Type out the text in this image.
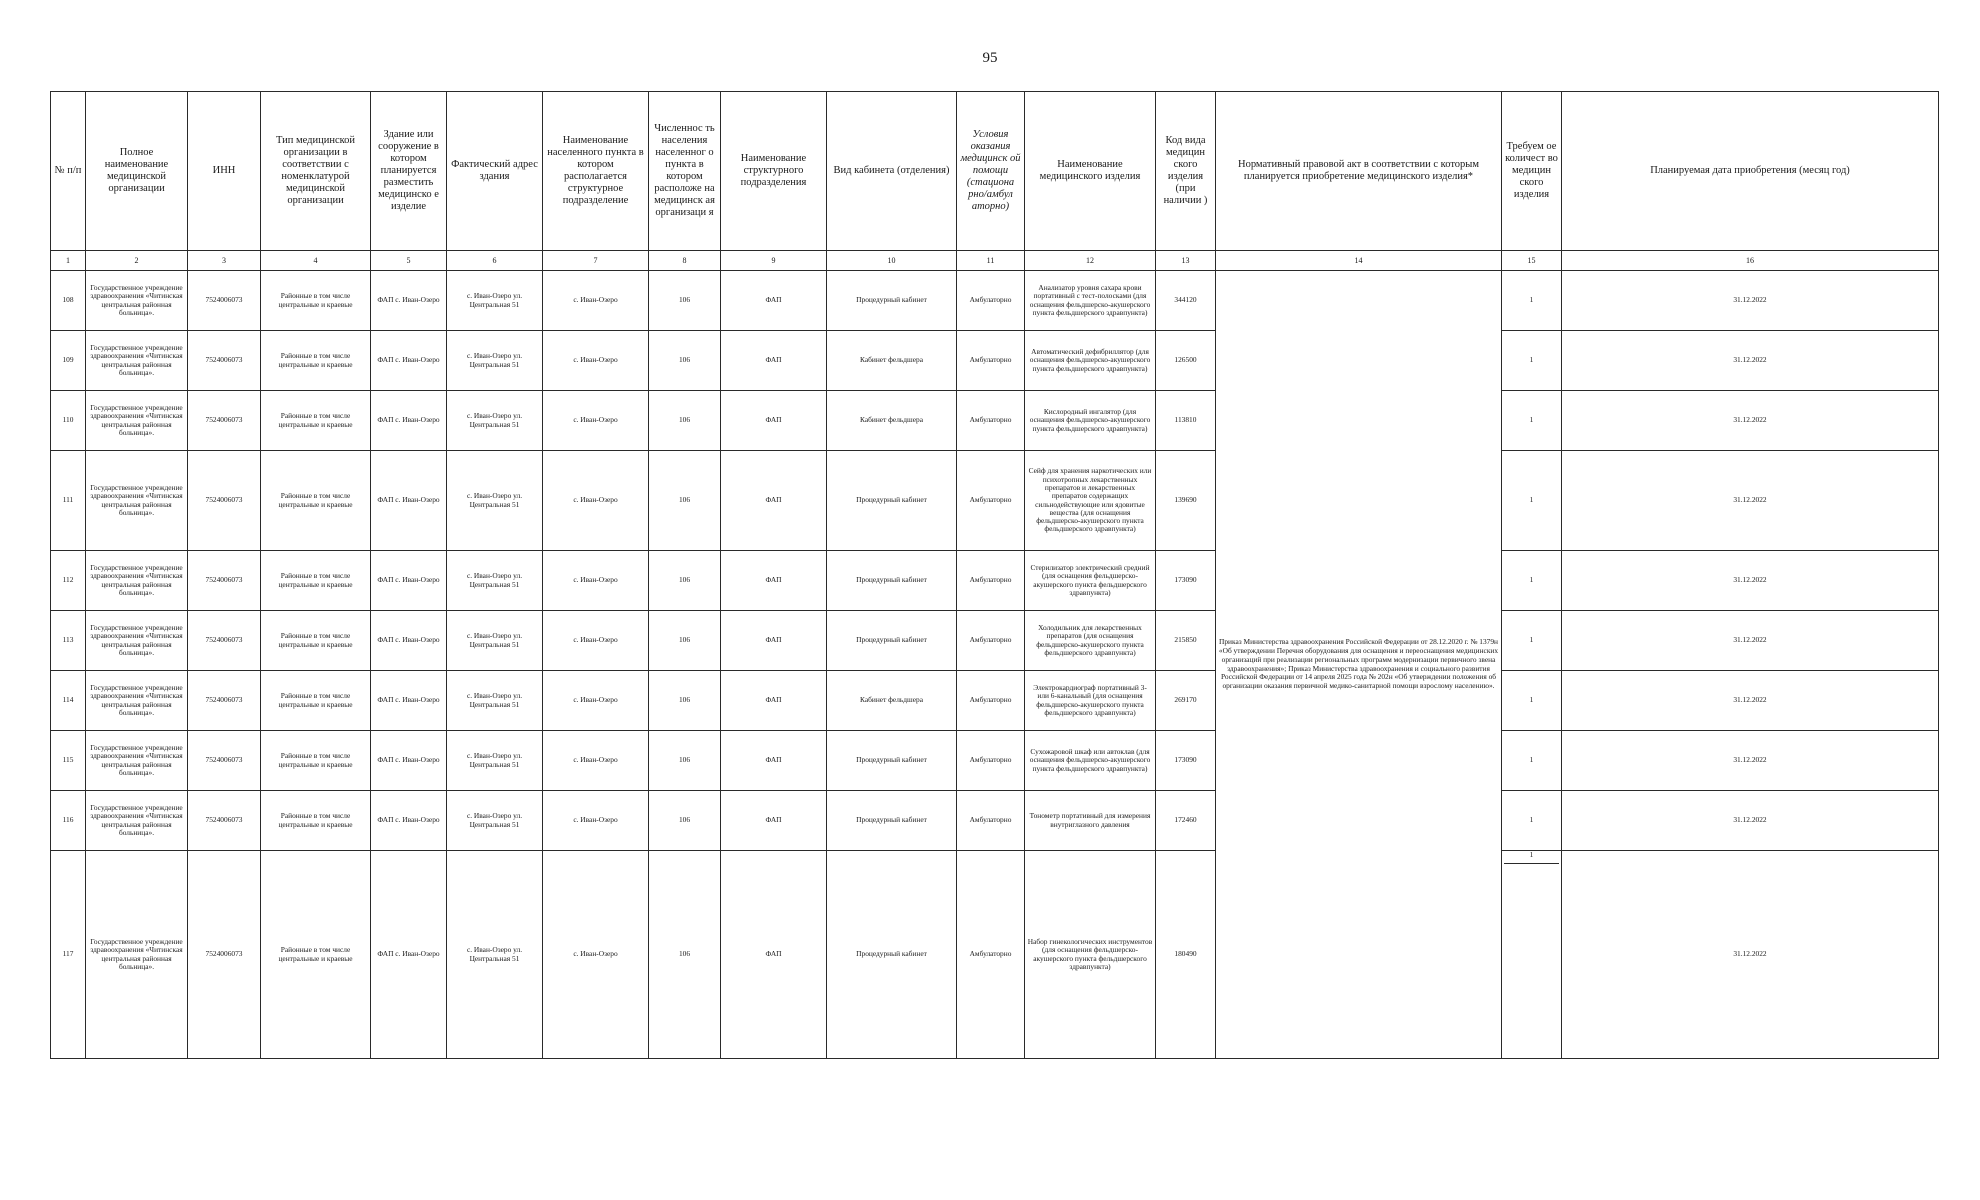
95
№ п/п	Полное наименование медицинской организации	ИНН	Тип медицинской организации в соответствии с номенклатурой медицинской организации	Здание или сооружение в котором планируется разместить медицинско е изделие	Фактический адрес здания	Наименование населенного пункта в котором располагается структурное подразделение	Численнос ть населения населенног о пункта в котором расположе на медицинск ая организаци я	Наименование структурного подразделения	Вид кабинета (отделения)	Условия оказания медицинск ой помощи (стациона рно/амбул аторно)	Наименование медицинского изделия	Код вида медицин ского изделия (при наличии )	Нормативный правовой акт в соответствии с которым планируется приобретение медицинского изделия*	Требуем ое количест во медицин ского изделия	Планируемая дата приобретения (месяц год)
1	2	3	4	5	6	7	8	9	10	11	12	13	14	15	16
108	Государственное учреждение здравоохранения «Читинская центральная районная больница».	7524006073	Районные в том числе центральные и краевые	ФАП с. Иван-Озеро	с. Иван-Озеро ул. Центральная 51	с. Иван-Озеро	106	ФАП	Процедурный кабинет	Амбулаторно	Анализатор уровня сахара крови портативный с тест-полосками (для оснащения фельдшерско-акушерского пункта фельдшерского здравпункта)	344120	Приказ Министерства здравоохранения Российской Федерации от 28.12.2020 г. № 1379н «Об утверждении Перечня оборудования для оснащения и переоснащения медицинских организаций при реализации региональных программ модернизации первичного звена здравоохранения»; Приказ Министерства здравоохранения и социального развития Российской Федерации от 14 апреля 2025 года № 202н «Об утверждении положения об организации оказания первичной медико-санитарной помощи взрослому населению».	1	31.12.2022
109	Государственное учреждение здравоохранения «Читинская центральная районная больница».	7524006073	Районные в том числе центральные и краевые	ФАП с. Иван-Озеро	с. Иван-Озеро ул. Центральная 51	с. Иван-Озеро	106	ФАП	Кабинет фельдшера	Амбулаторно	Автоматический дефибриллятор (для оснащения фельдшерско-акушерского пункта фельдшерского здравпункта)	126500		1	31.12.2022
110	Государственное учреждение здравоохранения «Читинская центральная районная больница».	7524006073	Районные в том числе центральные и краевые	ФАП с. Иван-Озеро	с. Иван-Озеро ул. Центральная 51	с. Иван-Озеро	106	ФАП	Кабинет фельдшера	Амбулаторно	Кислородный ингалятор (для оснащения фельдшерско-акушерского пункта фельдшерского здравпункта)	113810		1	31.12.2022
111	Государственное учреждение здравоохранения «Читинская центральная районная больница».	7524006073	Районные в том числе центральные и краевые	ФАП с. Иван-Озеро	с. Иван-Озеро ул. Центральная 51	с. Иван-Озеро	106	ФАП	Процедурный кабинет	Амбулаторно	Сейф для хранения наркотических или психотропных лекарственных препаратов и лекарственных препаратов содержащих сильнодействующие или ядовитые вещества (для оснащения фельдшерско-акушерского пункта фельдшерского здравпункта)	139690		1	31.12.2022
112	Государственное учреждение здравоохранения «Читинская центральная районная больница».	7524006073	Районные в том числе центральные и краевые	ФАП с. Иван-Озеро	с. Иван-Озеро ул. Центральная 51	с. Иван-Озеро	106	ФАП	Процедурный кабинет	Амбулаторно	Стерилизатор электрический средний (для оснащения фельдшерско-акушерского пункта фельдшерского здравпункта)	173090		1	31.12.2022
113	Государственное учреждение здравоохранения «Читинская центральная районная больница».	7524006073	Районные в том числе центральные и краевые	ФАП с. Иван-Озеро	с. Иван-Озеро ул. Центральная 51	с. Иван-Озеро	106	ФАП	Процедурный кабинет	Амбулаторно	Холодильник для лекарственных препаратов (для оснащения фельдшерско-акушерского пункта фельдшерского здравпункта)	215850		1	31.12.2022
114	Государственное учреждение здравоохранения «Читинская центральная районная больница».	7524006073	Районные в том числе центральные и краевые	ФАП с. Иван-Озеро	с. Иван-Озеро ул. Центральная 51	с. Иван-Озеро	106	ФАП	Кабинет фельдшера	Амбулаторно	Электрокардиограф портативный 3- или 6-канальный (для оснащения фельдшерско-акушерского пункта фельдшерского здравпункта)	269170		1	31.12.2022
115	Государственное учреждение здравоохранения «Читинская центральная районная больница».	7524006073	Районные в том числе центральные и краевые	ФАП с. Иван-Озеро	с. Иван-Озеро ул. Центральная 51	с. Иван-Озеро	106	ФАП	Процедурный кабинет	Амбулаторно	Сухожаровой шкаф или автоклав (для оснащения фельдшерско-акушерского пункта фельдшерского здравпункта)	173090		1	31.12.2022
116	Государственное учреждение здравоохранения «Читинская центральная районная больница».	7524006073	Районные в том числе центральные и краевые	ФАП с. Иван-Озеро	с. Иван-Озеро ул. Центральная 51	с. Иван-Озеро	106	ФАП	Процедурный кабинет	Амбулаторно	Тонометр портативный для измерения внутриглазного давления	172460		1	31.12.2022
117	Государственное учреждение здравоохранения «Читинская центральная районная больница».	7524006073	Районные в том числе центральные и краевые	ФАП с. Иван-Озеро	с. Иван-Озеро ул. Центральная 51	с. Иван-Озеро	106	ФАП	Процедурный кабинет	Амбулаторно	Набор гинекологических инструментов (для оснащения фельдшерско-акушерского пункта фельдшерского здравпункта)	180490		1	31.12.2022
